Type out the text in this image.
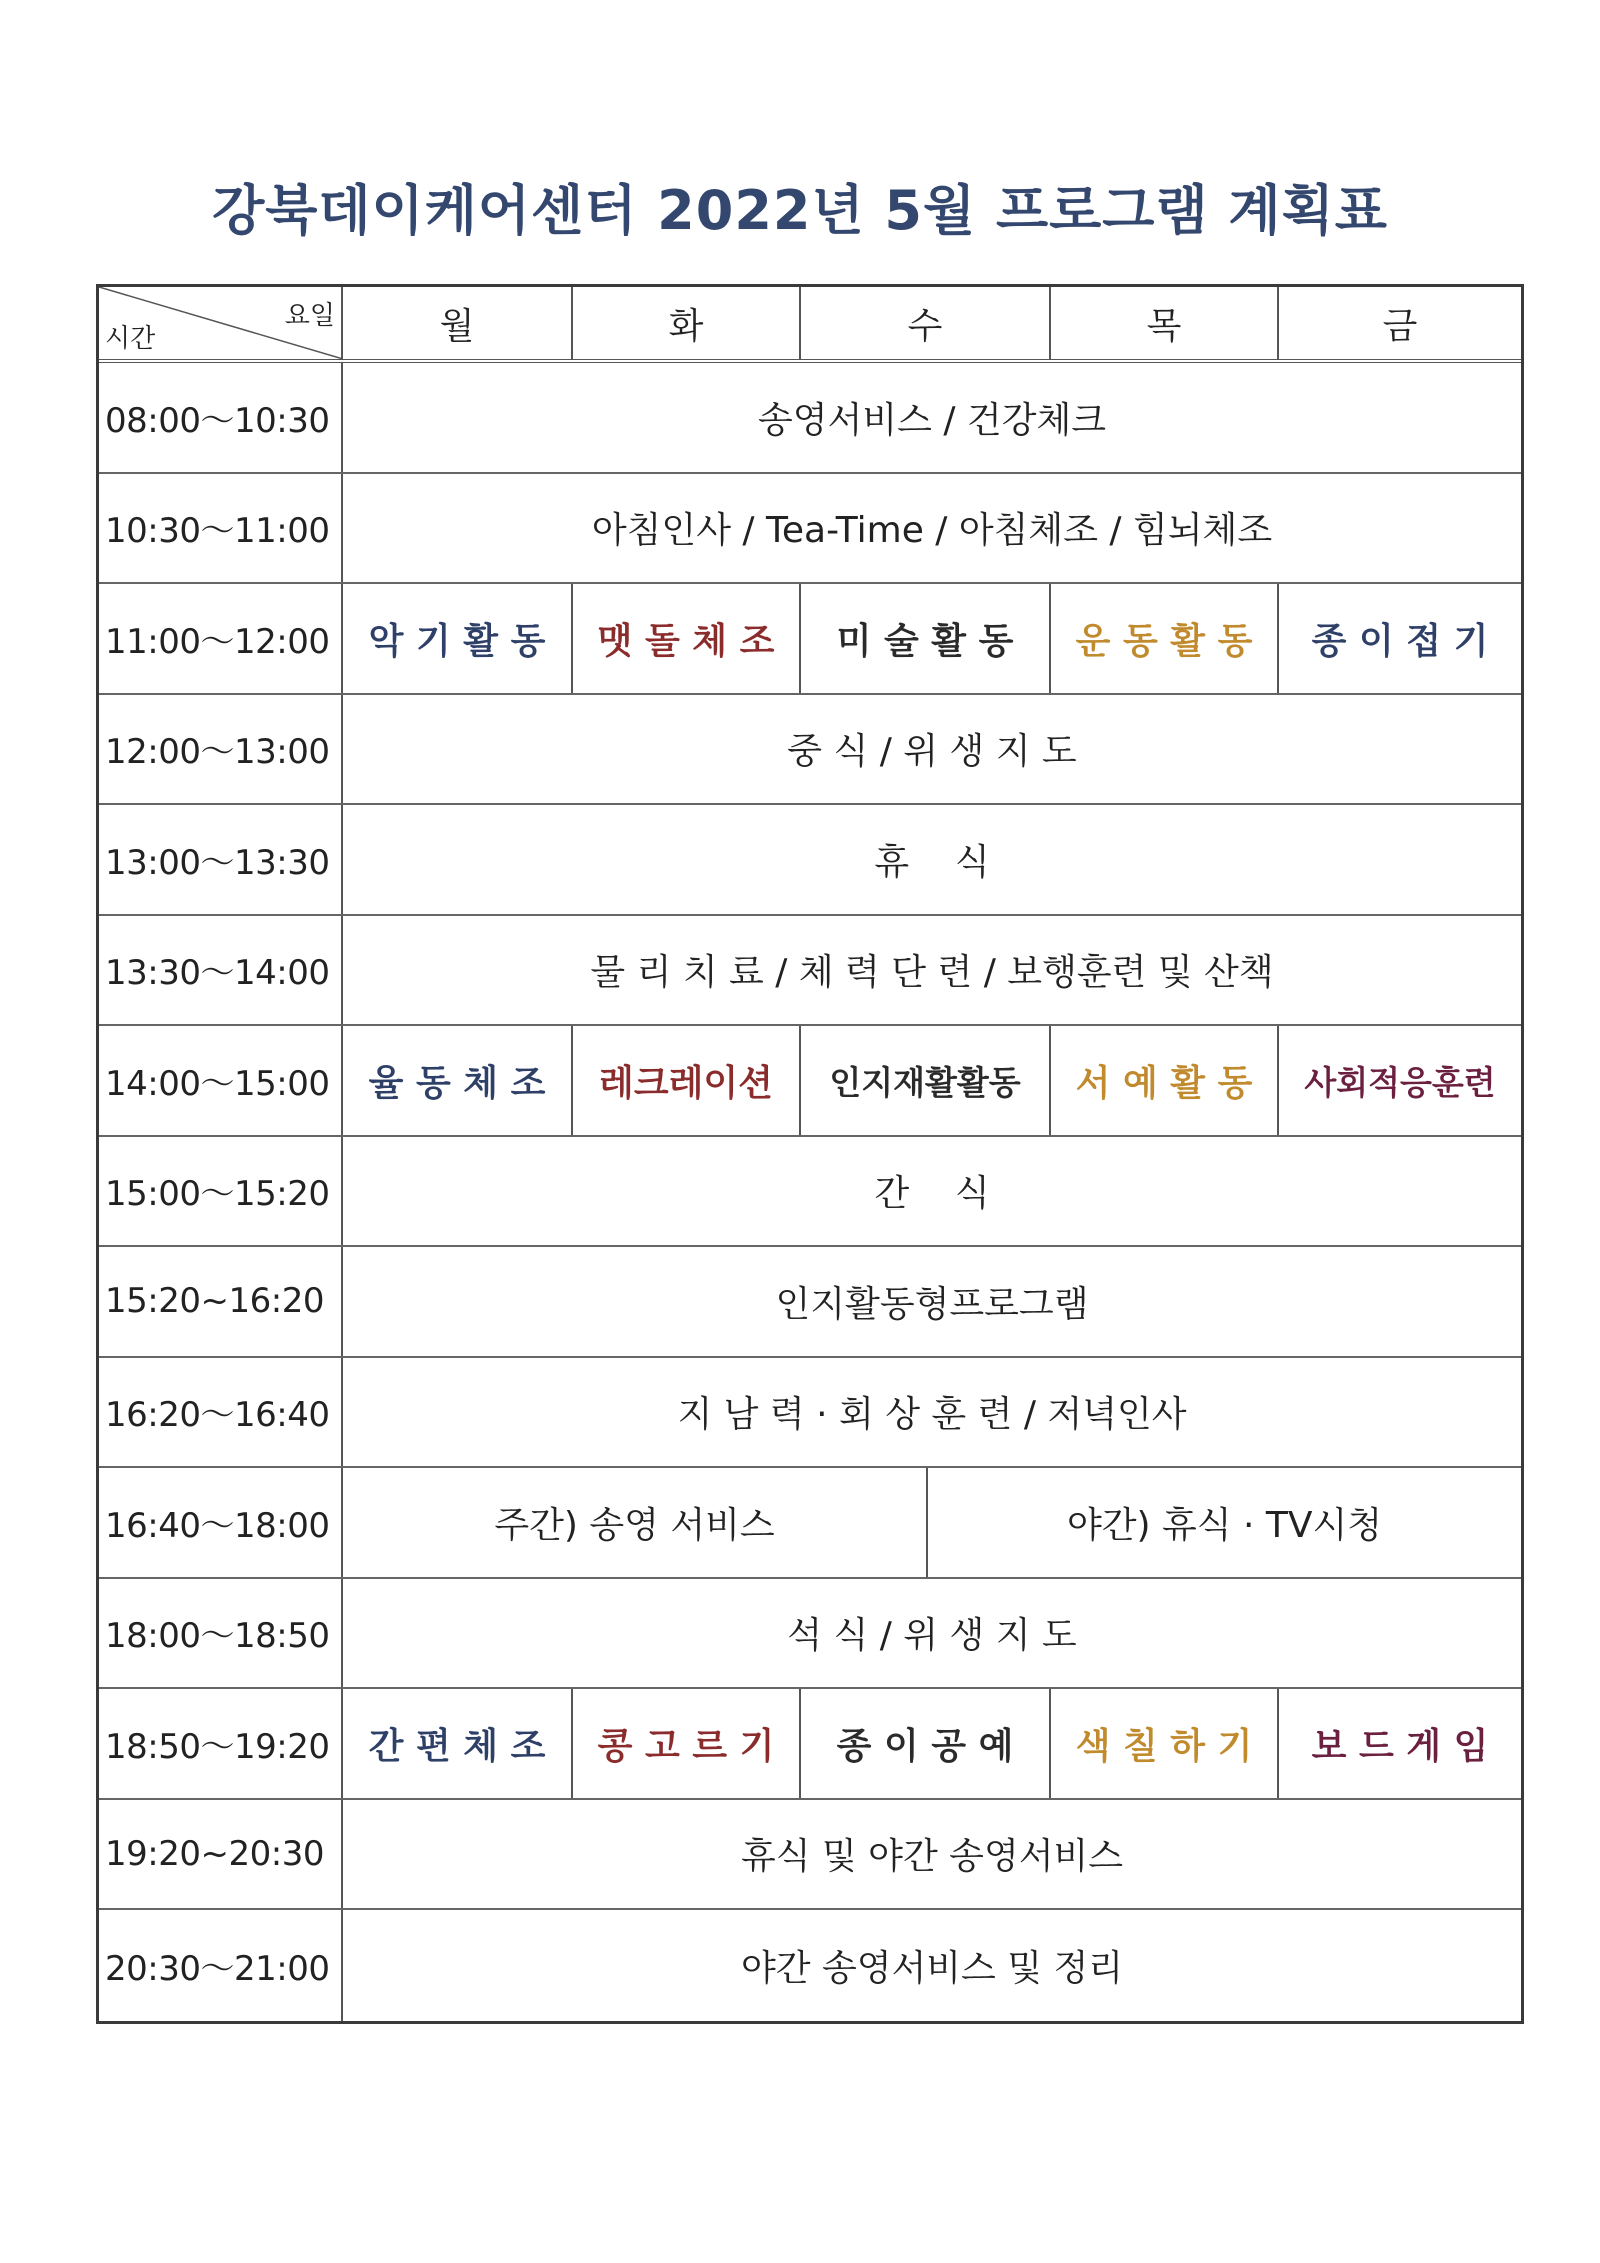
강북데이케어센터 2022년 5월 프로그램 계획표
요일
시간	월	화	수	목	금
08:00～10:30	송영서비스 / 건강체크
10:30～11:00	아침인사 / Tea-Time / 아침체조 / 힘뇌체조
11:00～12:00	악 기 활 동	맷 돌 체 조	미 술 활 동	운 동 활 동	종 이 접 기
12:00～13:00	중 식 / 위 생 지 도
13:00～13:30	휴    식
13:30～14:00	물 리 치 료 / 체 력 단 련 / 보행훈련 및 산책
14:00～15:00	율 동 체 조	레크레이션	인지재활활동	서 예 활 동	사회적응훈련
15:00～15:20	간    식
15:20~16:20	인지활동형프로그램
16:20～16:40	지 남 력 · 회 상 훈 련 / 저녁인사
16:40～18:00	주간) 송영 서비스	야간) 휴식 · TV시청
18:00～18:50	석 식 / 위 생 지 도
18:50～19:20	간 편 체 조	콩 고 르 기	종 이 공 예	색 칠 하 기	보 드 게 임
19:20~20:30	휴식 및 야간 송영서비스
20:30～21:00	야간 송영서비스 및 정리
